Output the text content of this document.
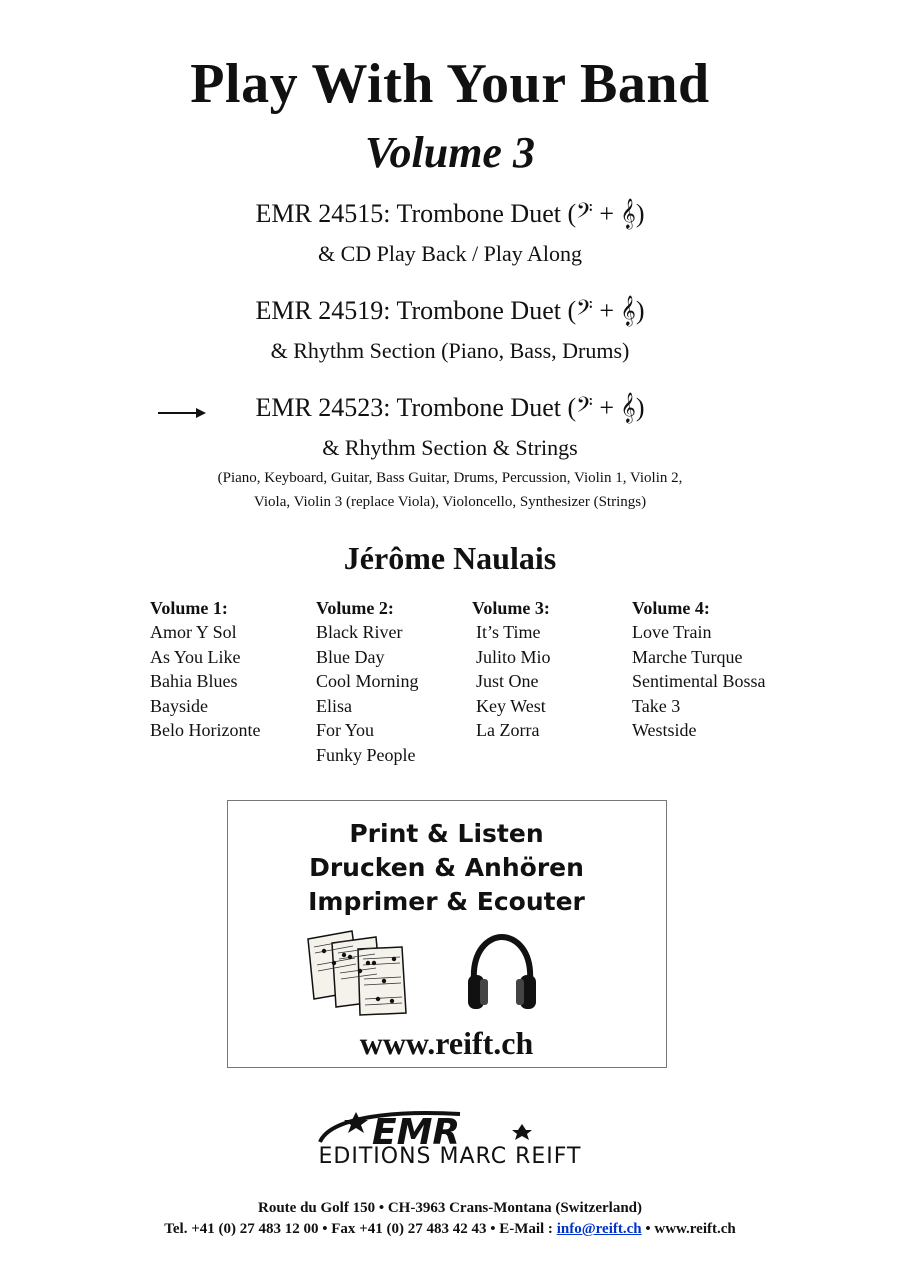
Play With Your Band
Volume 3
EMR 24515: Trombone Duet (𝄢 + 𝄞)
& CD Play Back / Play Along
EMR 24519: Trombone Duet (𝄢 + 𝄞)
& Rhythm Section (Piano, Bass, Drums)
EMR 24523: Trombone Duet (𝄢 + 𝄞)
& Rhythm Section & Strings
(Piano, Keyboard, Guitar, Bass Guitar, Drums, Percussion, Violin 1, Violin 2,
Viola, Violin 3 (replace Viola), Violoncello, Synthesizer (Strings)
Jérôme Naulais
Volume 1:
Amor Y Sol
As You Like
Bahia Blues
Bayside
Belo Horizonte
Volume 2:
Black River
Blue Day
Cool Morning
Elisa
For You
Funky People
Volume 3:
It’s Time
Julito Mio
Just One
Key West
La Zorra
Volume 4:
Love Train
Marche Turque
Sentimental Bossa
Take 3
Westside
Print & Listen
Drucken & Anhören
Imprimer & Ecouter
www.reift.ch
EMR
EDITIONS MARC REIFT
Route du Golf 150 • CH-3963 Crans-Montana (Switzerland)
Tel. +41 (0) 27 483 12 00 • Fax +41 (0) 27 483 42 43 • E-Mail : info@reift.ch • www.reift.ch
